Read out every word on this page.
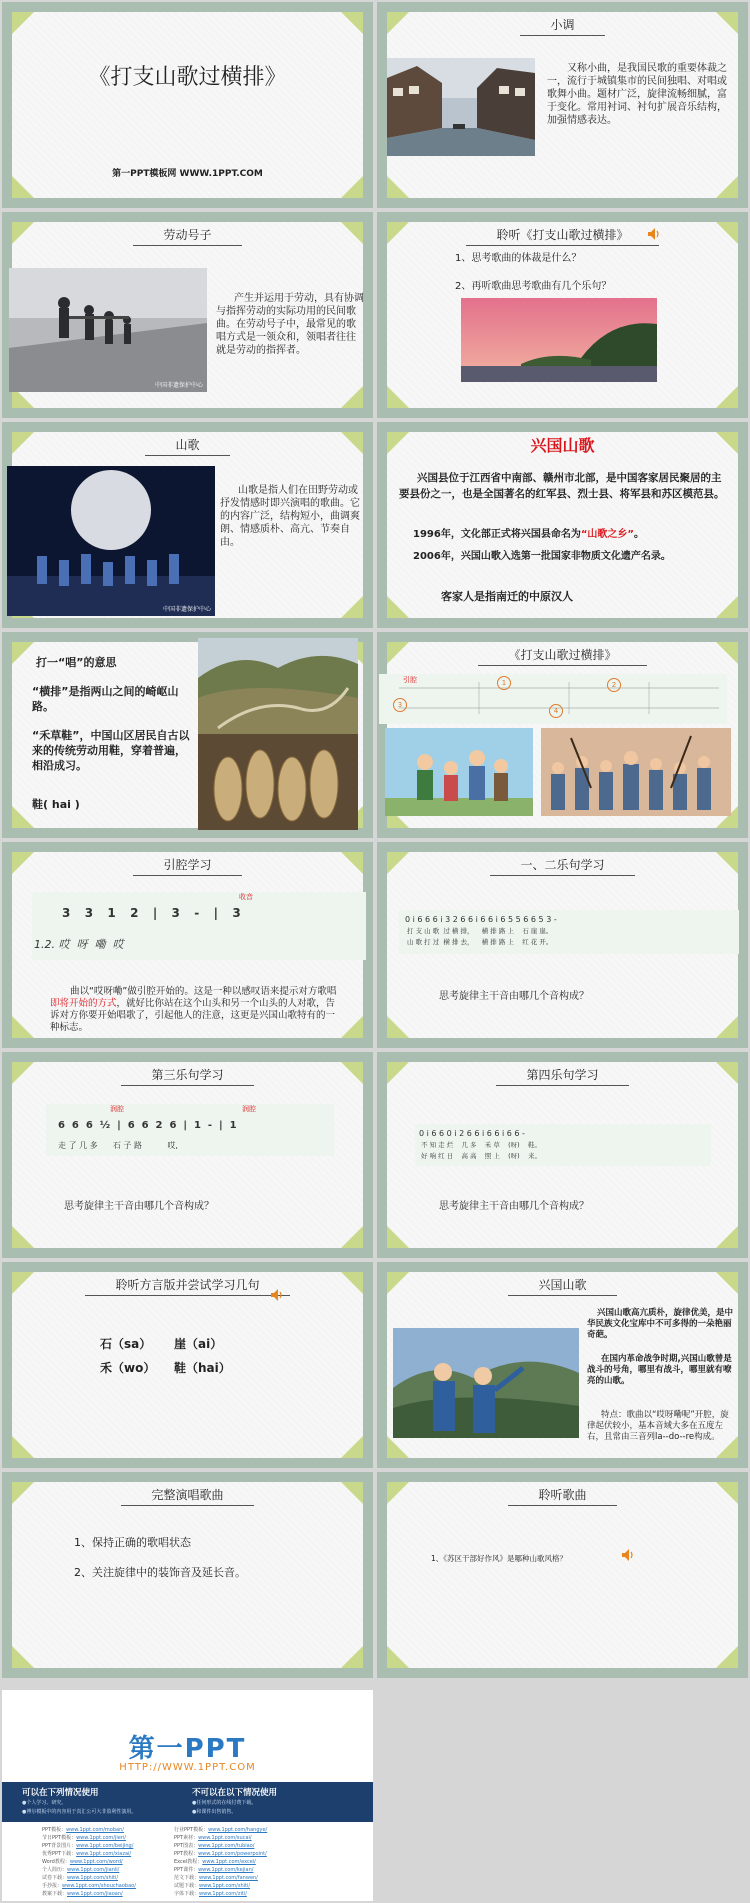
《打支山歌过横排》
第一PPT模板网 WWW.1PPT.COM
小调
又称小曲，是我国民歌的重要体裁之一，流行于城镇集市的民间独唱、对唱或歌舞小曲。题材广泛，旋律流畅细腻，富于变化。常用衬词、衬句扩展音乐结构，加强情感表达。
劳动号子
中国非遗保护中心
产生并运用于劳动，具有协调与指挥劳动的实际功用的民间歌曲。在劳动号子中，最常见的歌唱方式是一领众和，领唱者往往就是劳动的指挥者。
聆听《打支山歌过横排》
1、思考歌曲的体裁是什么？
2、再听歌曲思考歌曲有几个乐句？
山歌
中国非遗保护中心
山歌是指人们在田野劳动或抒发情感时即兴演唱的歌曲。它的内容广泛，结构短小，曲调爽朗、情感质朴、高亢、节奏自由。
兴国山歌
兴国县位于江西省中南部、赣州市北部，是中国客家居民聚居的主要县份之一，也是全国著名的红军县、烈士县、将军县和苏区模范县。
1996年，文化部正式将兴国县命名为“山歌之乡”。
2006年，兴国山歌入选第一批国家非物质文化遗产名录。
客家人是指南迁的中原汉人
打一“唱”的意思
“横排”是指两山之间的崎岖山路。
“禾草鞋”，中国山区居民自古以来的传统劳动用鞋，穿着普遍，相沿成习。
鞋( hai )
《打支山歌过横排》
引腔	1	2
3
4
引腔学习
收音
3  3  1  2  |  3  -  |  3
1.2. 哎  呀  嘞  哎
曲以“哎呀嘞”做引腔开始的。这是一种以感叹语来提示对方歌唱即将开始的方式，就好比你站在这个山头和另一个山头的人对歌，告诉对方你要开始唱歌了，引起他人的注意，这更是兴国山歌特有的一种标志。
一、二乐句学习
0 i 6 6 6 i 3 2 6 6 i 6 6 i 6 5 5 6 6 5 3 -
打 支 山 歌  过 横 排，    横 排 路 上    石 崖 崖。
山 歌 打 过  横 排 去，    横 排 路 上    红 花 开。
思考旋律主干音由哪几个音构成？
第三乐句学习
润腔	润腔
6  6  6  ½  |  6  6  2  6  |  1  -  |  1
走 了 几 多      石 子 路          哎,
思考旋律主干音由哪几个音构成？
第四乐句学习
0 i 6 6 0 i 2 6 6 i 6 6 i 6 6 -
不 知 走 烂    几 多    禾 草    (呀)    鞋。
好 响 红 日    高 高    照 上    (呀)    来。
思考旋律主干音由哪几个音构成？
聆听方言版并尝试学习几句
石（sa） 崖（ai）
禾（wo） 鞋（hai）
兴国山歌
兴国山歌高亢质朴，旋律优美，是中华民族文化宝库中不可多得的一朵艳丽奇葩。
在国内革命战争时期,兴国山歌曾是战斗的号角，哪里有战斗，哪里就有嘹亮的山歌。
特点：歌曲以“哎呀嘞呢”开腔，旋律起伏较小，基本音域大多在五度左右，且常由三音列la--do--re构成。
完整演唱歌曲
1、保持正确的歌唱状态
2、关注旋律中的装饰音及延长音。
聆听歌曲
1、《苏区干部好作风》是哪种山歌风格？
第一PPT
HTTP://WWW.1PPT.COM
可以在下列情况使用
●个人学习、研究。
●博尔模板中的内容用于真汇公可大非盈利性演用。
不可以在以下情况使用
●任何形式的在线付费下载。
●和课件出售销售。
PPT模板：www.1ppt.com/moban/
节日PPT模板：www.1ppt.com/jieri/
PPT背景图片：www.1ppt.com/beijing/
优秀PPT下载：www.1ppt.com/xiazai/
Word教程：www.1ppt.com/word/
个人简历：www.1ppt.com/jianli/
试卷下载：www.1ppt.com/shiti/
手抄报：www.1ppt.com/shouchaobao/
教案下载：www.1ppt.com/jiaoan/
行业PPT模板：www.1ppt.com/hangye/
PPT素材：www.1ppt.com/sucai/
PPT图表：www.1ppt.com/tubiao/
PPT教程：www.1ppt.com/powerpoint/
Excel教程：www.1ppt.com/excel/
PPT课件：www.1ppt.com/kejian/
范文下载：www.1ppt.com/fanwen/
试题下载：www.1ppt.com/shiti/
字体下载：www.1ppt.com/ziti/
